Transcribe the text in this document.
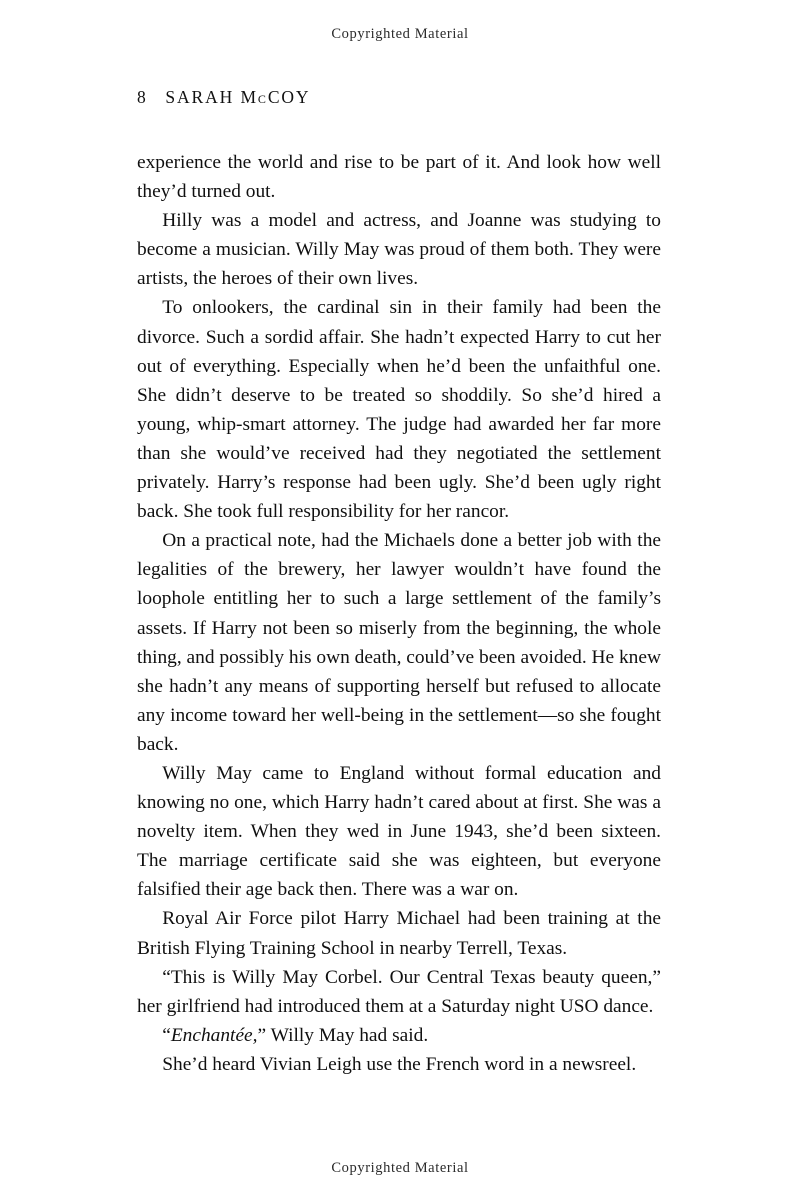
Copyrighted Material
8 SARAH McCOY

experience the world and rise to be part of it. And look how well they’d turned out.

Hilly was a model and actress, and Joanne was studying to become a musician. Willy May was proud of them both. They were artists, the heroes of their own lives.

To onlookers, the cardinal sin in their family had been the divorce. Such a sordid affair. She hadn’t expected Harry to cut her out of everything. Especially when he’d been the unfaithful one. She didn’t deserve to be treated so shoddily. So she’d hired a young, whip-smart attorney. The judge had awarded her far more than she would’ve received had they negotiated the settlement privately. Harry’s response had been ugly. She’d been ugly right back. She took full responsibility for her rancor.

On a practical note, had the Michaels done a better job with the legalities of the brewery, her lawyer wouldn’t have found the loophole entitling her to such a large settlement of the family’s assets. If Harry not been so miserly from the beginning, the whole thing, and possibly his own death, could’ve been avoided. He knew she hadn’t any means of supporting herself but refused to allocate any income toward her well-being in the settlement—so she fought back.

Willy May came to England without formal education and knowing no one, which Harry hadn’t cared about at first. She was a novelty item. When they wed in June 1943, she’d been sixteen. The marriage certificate said she was eighteen, but everyone falsified their age back then. There was a war on.

Royal Air Force pilot Harry Michael had been training at the British Flying Training School in nearby Terrell, Texas.

“This is Willy May Corbel. Our Central Texas beauty queen,” her girlfriend had introduced them at a Saturday night USO dance.

“Enchantée,” Willy May had said.

She’d heard Vivian Leigh use the French word in a newsreel.

Copyrighted Material
